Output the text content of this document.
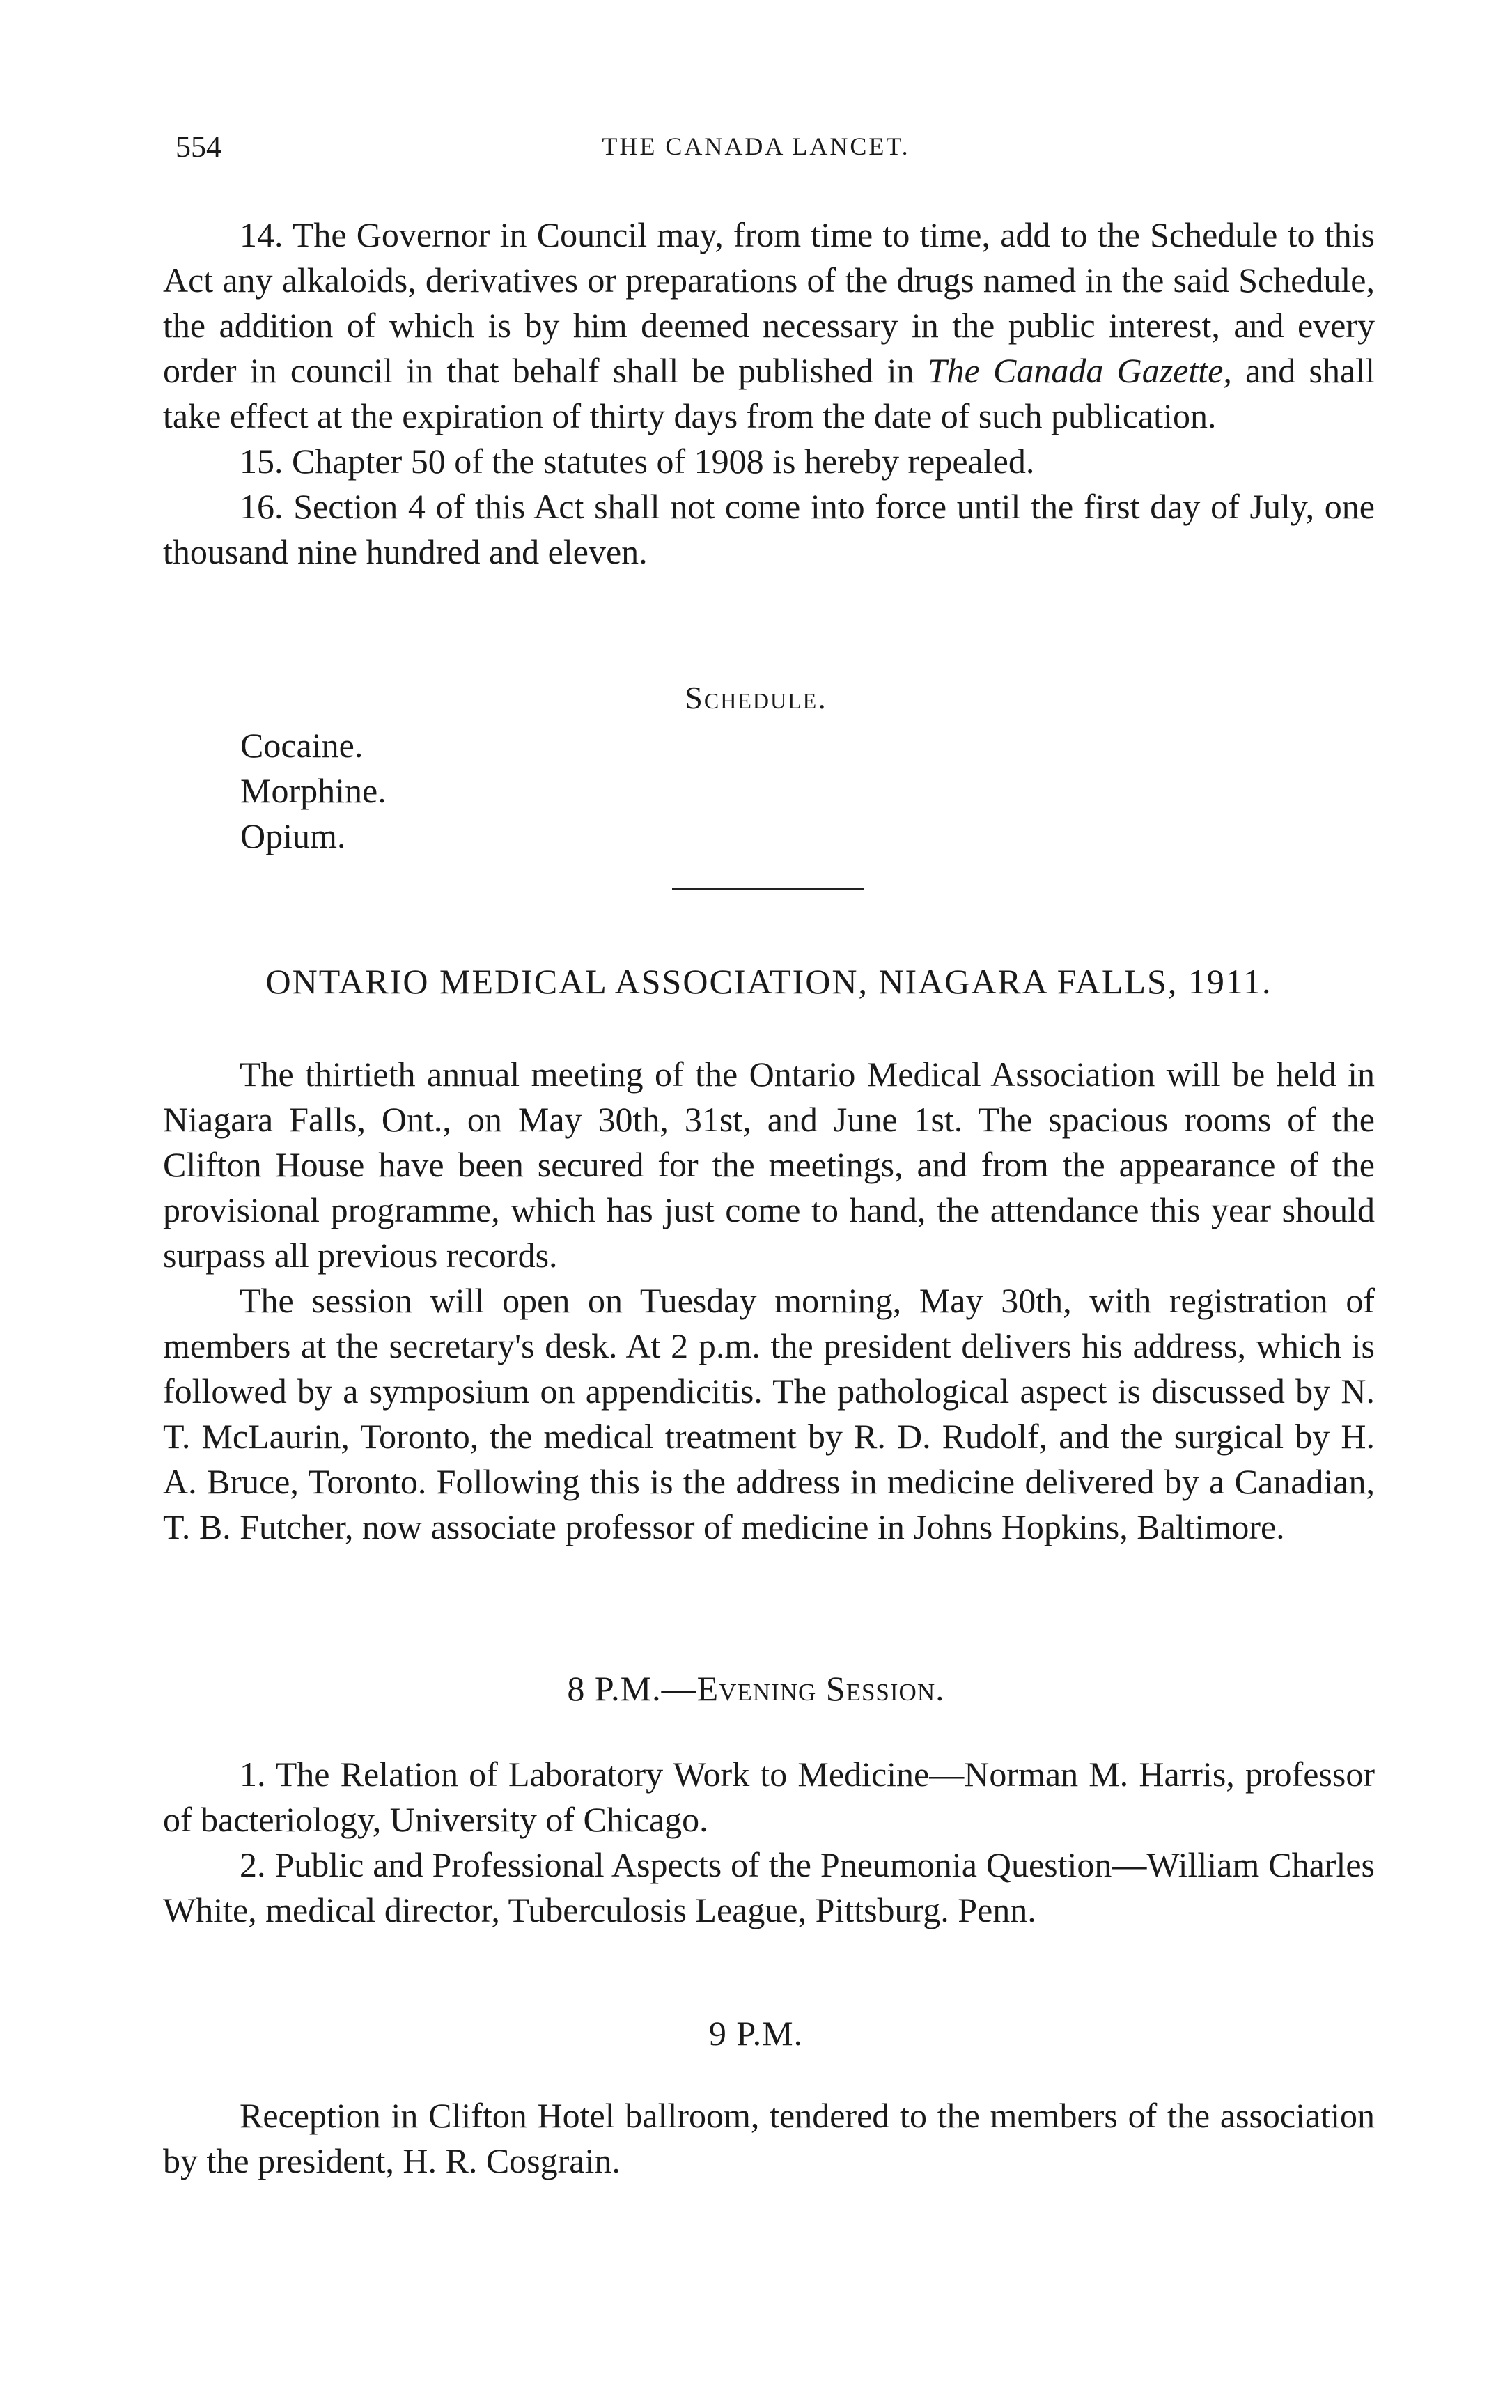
554	THE CANADA LANCET.

14. The Governor in Council may, from time to time, add to the Schedule to this Act any alkaloids, derivatives or preparations of the drugs named in the said Schedule, the addition of which is by him deemed necessary in the public interest, and every order in council in that behalf shall be published in The Canada Gazette, and shall take effect at the expiration of thirty days from the date of such publication.

15. Chapter 50 of the statutes of 1908 is hereby repealed.

16. Section 4 of this Act shall not come into force until the first day of July, one thousand nine hundred and eleven.

Schedule.
Cocaine.
Morphine.
Opium.
ONTARIO MEDICAL ASSOCIATION, NIAGARA FALLS, 1911.

The thirtieth annual meeting of the Ontario Medical Association will be held in Niagara Falls, Ont., on May 30th, 31st, and June 1st. The spacious rooms of the Clifton House have been secured for the meetings, and from the appearance of the provisional programme, which has just come to hand, the attendance this year should surpass all previous records.

The session will open on Tuesday morning, May 30th, with registration of members at the secretary's desk. At 2 p.m. the president delivers his address, which is followed by a symposium on appendicitis. The pathological aspect is discussed by N. T. McLaurin, Toronto, the medical treatment by R. D. Rudolf, and the surgical by H. A. Bruce, Toronto. Following this is the address in medicine delivered by a Canadian, T. B. Futcher, now associate professor of medicine in Johns Hopkins, Baltimore.

8 P.M.—Evening Session.

1. The Relation of Laboratory Work to Medicine—Norman M. Harris, professor of bacteriology, University of Chicago.

2. Public and Professional Aspects of the Pneumonia Question—William Charles White, medical director, Tuberculosis League, Pittsburg. Penn.

9 P.M.

Reception in Clifton Hotel ballroom, tendered to the members of the association by the president, H. R. Cosgrain.
